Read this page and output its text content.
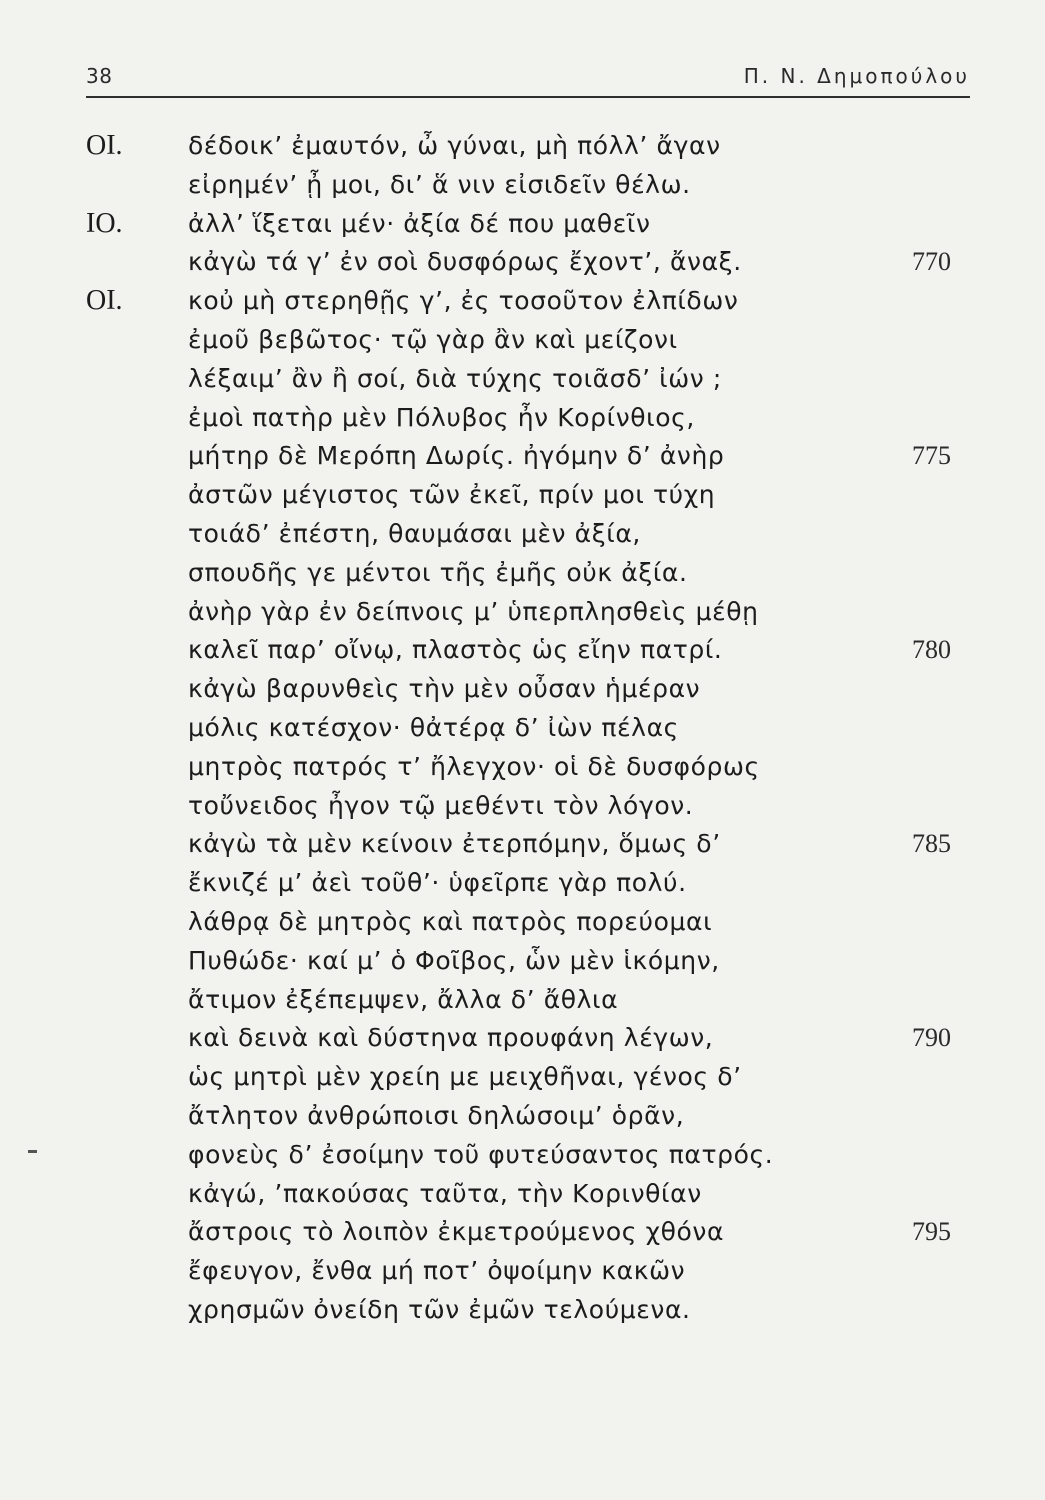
38	Π. Ν. Δημοπούλου
ΟΙ.	δέδοικ’ ἐμαυτόν, ὦ γύναι, μὴ πόλλ’ ἄγαν
εἰρημέν’ ᾖ μοι, δι’ ἅ νιν εἰσιδεῖν θέλω.
ΙΟ.	ἀλλ’ ἵξεται μέν· ἀξία δέ που μαθεῖν
κἀγὼ τά γ’ ἐν σοὶ δυσφόρως ἔχοντ’, ἄναξ.	770
ΟΙ.	κοὐ μὴ στερηθῇς γ’, ἐς τοσοῦτον ἐλπίδων
ἐμοῦ βεβῶτος· τῷ γὰρ ἂν καὶ μείζονι
λέξαιμ’ ἂν ἢ σοί, διὰ τύχης τοιᾶσδ’ ἰών ;
ἐμοὶ πατὴρ μὲν Πόλυβος ἦν Κορίνθιος,
μήτηρ δὲ Μερόπη Δωρίς. ἠγόμην δ’ ἀνὴρ	775
ἀστῶν μέγιστος τῶν ἐκεῖ, πρίν μοι τύχη
τοιάδ’ ἐπέστη, θαυμάσαι μὲν ἀξία,
σπουδῆς γε μέντοι τῆς ἐμῆς οὐκ ἀξία.
ἀνὴρ γὰρ ἐν δείπνοις μ’ ὑπερπλησθεὶς μέθῃ
καλεῖ παρ’ οἴνῳ, πλαστὸς ὡς εἴην πατρί.	780
κἀγὼ βαρυνθεὶς τὴν μὲν οὖσαν ἡμέραν
μόλις κατέσχον· θἀτέρᾳ δ’ ἰὼν πέλας
μητρὸς πατρός τ’ ἤλεγχον· οἱ δὲ δυσφόρως
τοὔνειδος ἦγον τῷ μεθέντι τὸν λόγον.
κἀγὼ τὰ μὲν κείνοιν ἐτερπόμην, ὅμως δ’	785
ἔκνιζέ μ’ ἀεὶ τοῦθ’· ὑφεῖρπε γὰρ πολύ.
λάθρᾳ δὲ μητρὸς καὶ πατρὸς πορεύομαι
Πυθώδε· καί μ’ ὁ Φοῖβος, ὧν μὲν ἱκόμην,
ἄτιμον ἐξέπεμψεν, ἄλλα δ’ ἄθλια
καὶ δεινὰ καὶ δύστηνα προυφάνη λέγων,	790
ὡς μητρὶ μὲν χρείη με μειχθῆναι, γένος δ’
ἄτλητον ἀνθρώποισι δηλώσοιμ’ ὁρᾶν,
φονεὺς δ’ ἐσοίμην τοῦ φυτεύσαντος πατρός.
κἀγώ, ’πακούσας ταῦτα, τὴν Κορινθίαν
ἄστροις τὸ λοιπὸν ἐκμετρούμενος χθόνα	795
ἔφευγον, ἔνθα μή ποτ’ ὀψοίμην κακῶν
χρησμῶν ὀνείδη τῶν ἐμῶν τελούμενα.
